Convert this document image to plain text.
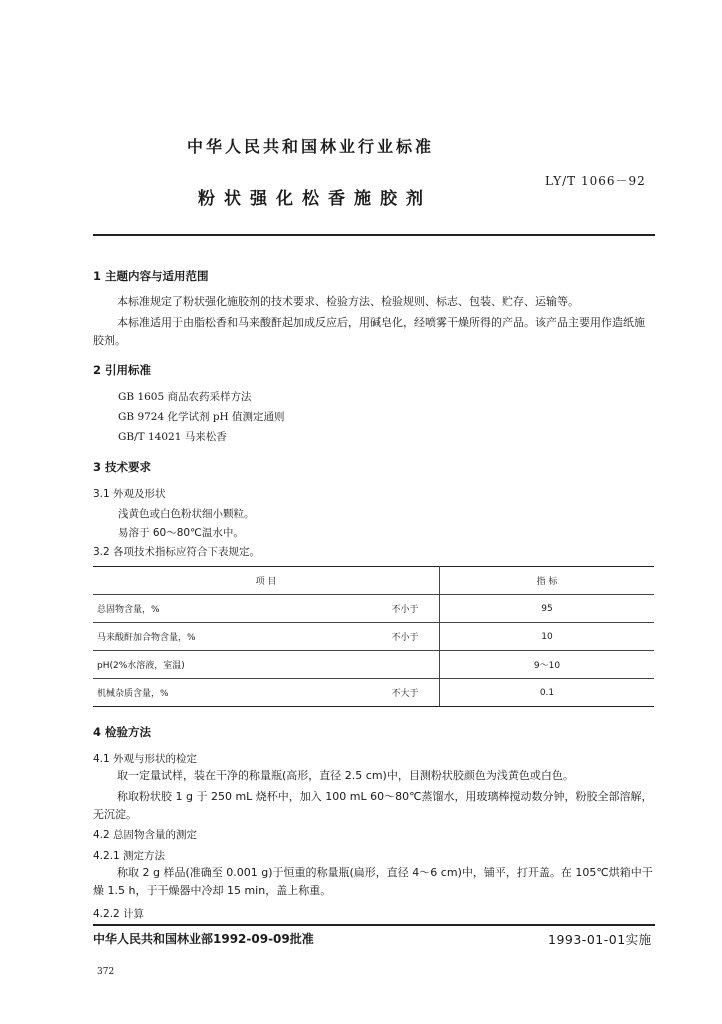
中华人民共和国林业行业标准
LY/T 1066－92
粉状强化松香施胶剂
1 主题内容与适用范围
本标准规定了粉状强化施胶剂的技术要求、检验方法、检验规则、标志、包装、贮存、运输等。
本标准适用于由脂松香和马来酸酐起加成反应后，用碱皂化，经喷雾干燥所得的产品。该产品主要用作造纸施胶剂。
2 引用标准
GB 1605 商品农药采样方法
GB 9724 化学试剂 pH 值测定通则
GB/T 14021 马来松香
3 技术要求
3.1 外观及形状
浅黄色或白色粉状细小颗粒。
易溶于 60～80℃温水中。
3.2 各项技术指标应符合下表规定。
项 目		指 标
总固物含量，%	不小于	95
马来酸酐加合物含量，%	不小于	10
pH(2%水溶液，室温)		9～10
机械杂质含量，%	不大于	0.1
4 检验方法
4.1 外观与形状的检定
取一定量试样，装在干净的称量瓶(高形，直径 2.5 cm)中，目测粉状胶颜色为浅黄色或白色。
称取粉状胶 1 g 于 250 mL 烧杯中，加入 100 mL 60～80℃蒸馏水，用玻璃棒搅动数分钟，粉胶全部溶解，无沉淀。
4.2 总固物含量的测定
4.2.1 测定方法
称取 2 g 样品(准确至 0.001 g)于恒重的称量瓶(扁形，直径 4～6 cm)中，铺平，打开盖。在 105℃烘箱中干燥 1.5 h，于干燥器中冷却 15 min，盖上称重。
4.2.2 计算
中华人民共和国林业部1992-09-09批准	1993-01-01实施
372
